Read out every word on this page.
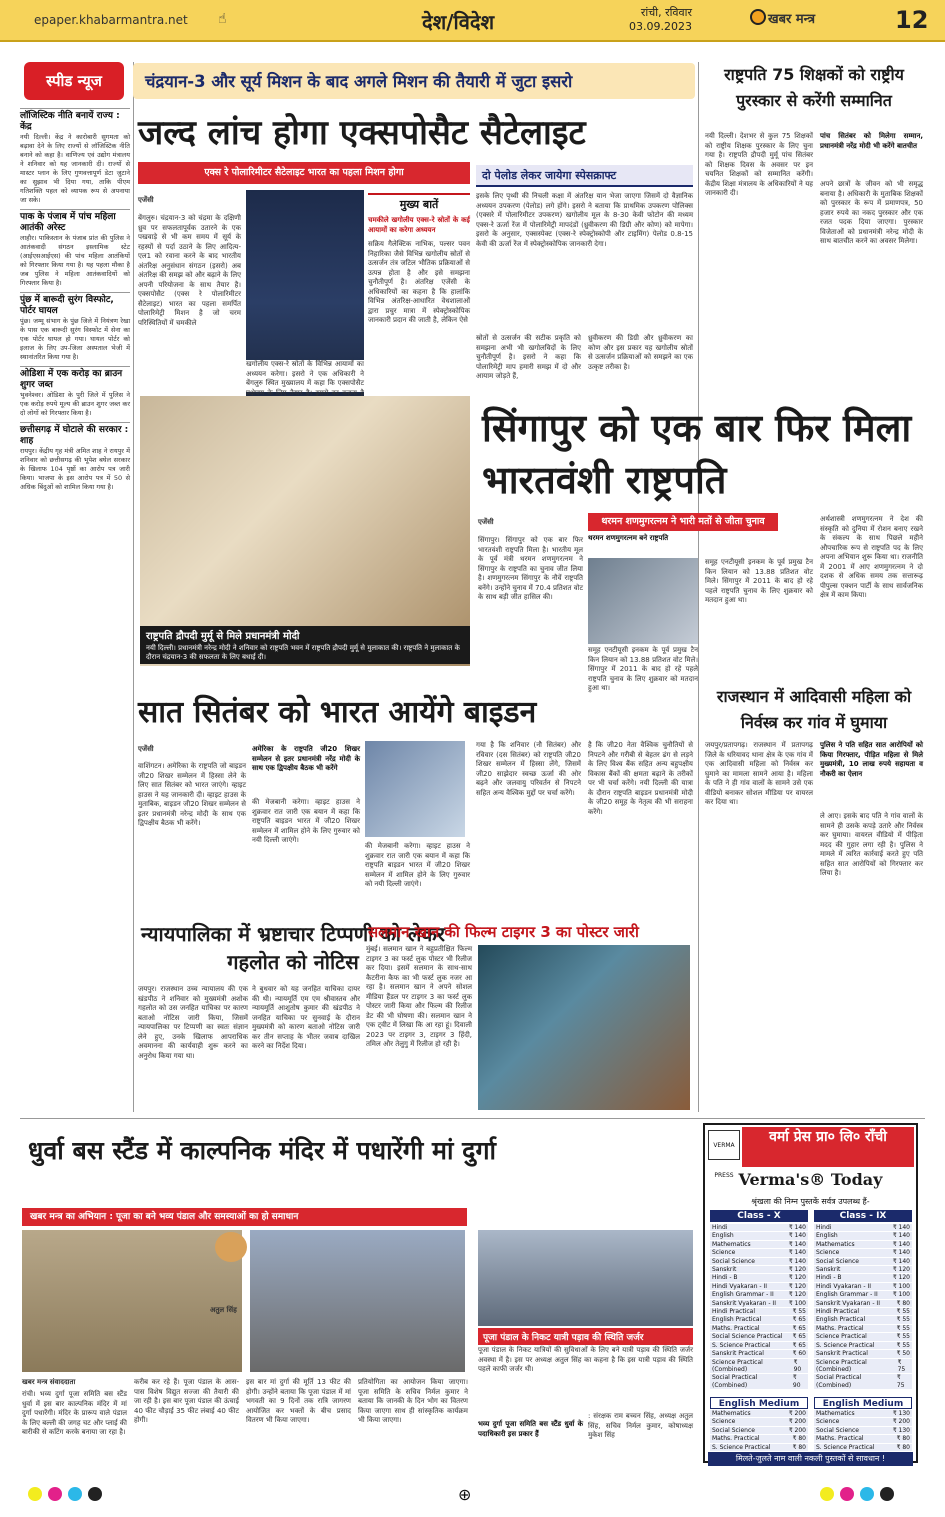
epaper.khabarmantra.net ☝	देश/विदेश	रांची, रविवार
03.09.2023	खबर मन्त्र	12
स्पीड न्यूज
लॉजिस्टिक नीति बनायें राज्य : केंद्र
नयी दिल्ली। केंद्र ने कारोबारी सुगमता को बढ़ावा देने के लिए राज्यों से लॉजिस्टिक नीति बनाने को कहा है। वाणिज्य एवं उद्योग मंत्रालय ने शनिवार को यह जानकारी दी। राज्यों से मास्टर प्लान के लिए गुणवत्तापूर्ण डेटा जुटाने का सुझाव भी दिया गया, ताकि पीएम गतिशक्ति पहल को व्यापक रूप से अपनाया जा सके।
पाक के पंजाब में पांच महिला आतंकी अरेस्ट
लाहौर। पाकिस्तान के पंजाब प्रांत की पुलिस ने आतंकवादी संगठन इस्लामिक स्टेट (आईएसआईएस) की पांच महिला आतंकियों को गिरफ्तार किया गया है। यह पहला मौका है जब पुलिस ने महिला आतंकवादियों को गिरफ्तार किया है।
पुंछ में बारूदी सुरंग विस्फोट, पोर्टर घायल
पुंछ। जम्मू संभाग के पुंछ जिले में नियंत्रण रेखा के पास एक बारूदी सुरंग विस्फोट में सेना का एक पोर्टर घायल हो गया। घायल पोर्टर को इलाज के लिए उप-जिला अस्पताल भेजी में स्थानांतरित किया गया है।
ओडिशा में एक करोड़ का ब्राउन शुगर जब्त
भुवनेश्वर। ओडिशा के पुरी जिले में पुलिस ने एक करोड़ रुपये मूल्य की ब्राउन शुगर जब्त कर दो लोगों को गिरफ्तार किया है।
छत्तीसगढ़ में घोटाले की सरकार : शाह
रायपुर। केंद्रीय गृह मंत्री अमित शाह ने रायपुर में शनिवार को छत्तीसगढ़ की भूपेश बघेल सरकार के खिलाफ 104 पृष्ठों का आरोप पत्र जारी किया। भाजपा के इस आरोप पत्र में 50 से अधिक बिंदुओं को शामिल किया गया है।
चंद्रयान-3 और सूर्य मिशन के बाद अगले मिशन की तैयारी में जुटा इसरो
जल्द लांच होगा एक्सपोसैट सैटेलाइट
एक्स रे पोलारिमीटर सैटेलाइट भारत का पहला मिशन होगा
एजेंसी
बेंगलुरु। चंद्रयान-3 को चंद्रमा के दक्षिणी ध्रुव पर सफलतापूर्वक उतारने के एक पखवाड़े से भी कम समय में सूर्य के रहस्यों से पर्दा उठाने के लिए आदित्य-एल1 को रवाना करने के बाद भारतीय अंतरिक्ष अनुसंधान संगठन (इसरो) अब अंतरिक्ष की समझ को और बढ़ाने के लिए अपनी परियोजना के साथ तैयार है। एक्सपोसैट (एक्स रे पोलारिमीटर सैटेलाइट) भारत का पहला समर्पित पोलारिमेट्री मिशन है जो चरम परिस्थितियों में चमकीले
खगोलीय एक्स-रे स्रोतों के विभिन्न आयामों का अध्ययन करेगा। इसरो ने एक अधिकारी ने बेंगलुरु स्थित मुख्यालय में कहा कि एक्सपोसैट प्रक्षेपण के लिए तैयार है। इसरो का कहना है
मुख्य बातें
चमकीले खगोलीय एक्स-रे स्रोतों के कई आयामों का करेगा अध्ययन
सक्रिय गैलेक्टिक नाभिक, पल्सर पवन निहारिका जैसे विभिन्न खगोलीय स्रोतों से उत्सर्जन तंत्र जटिल भौतिक प्रक्रियाओं से उत्पन्न होता है और इसे समझना चुनौतीपूर्ण है। अंतरिक्ष एजेंसी के अधिकारियों का कहना है कि हालांकि विभिन्न अंतरिक्ष-आधारित वेधशालाओं द्वारा प्रचुर मात्रा में स्पेक्ट्रोस्कोपिक जानकारी प्रदान की जाती है, लेकिन ऐसे
दो पेलोड लेकर जायेगा स्पेसक्राफ्ट
इसके लिए पृथ्वी की निचली कक्षा में अंतरिक्ष यान भेजा जाएगा जिसमें दो वैज्ञानिक अध्ययन उपकरण (पेलोड) लगे होंगे। इसरो ने बताया कि प्राथमिक उपकरण पोलिक्स (एक्सरे में पोलारिमीटर उपकरण) खगोलीय मूल के 8-30 केवी फोटोन की मध्यम एक्स-रे ऊर्जा रेंज में पोलारिमेट्री मापदंडों (ध्रुवीकरण की डिग्री और कोण) को मापेगा। इसरो के अनुसार, एक्सस्पेक्ट (एक्स-रे स्पेक्ट्रोस्कोपी और टाइमिंग) पेलोड 0.8-15 केवी की ऊर्जा रेंज में स्पेक्ट्रोस्कोपिक जानकारी देगा।
स्रोतों से उत्सर्जन की सटीक प्रकृति को समझना अभी भी खगोलविदों के लिए चुनौतीपूर्ण है। इसरो ने कहा कि पोलारिमेट्री माप हमारी समझ में दो और आयाम जोड़ते हैं,
ध्रुवीकरण की डिग्री और ध्रुवीकरण का कोण और इस प्रकार यह खगोलीय स्रोतों से उत्सर्जन प्रक्रियाओं को समझने का एक उत्कृष्ट तरीका है।
राष्ट्रपति 75 शिक्षकों को राष्ट्रीय पुरस्कार से करेंगी सम्मानित
पांच सितंबर को मिलेगा सम्मान, प्रधानमंत्री नरेंद्र मोदी भी करेंगे बातचीत
नयी दिल्ली। देशभर से कुल 75 शिक्षकों को राष्ट्रीय शिक्षक पुरस्कार के लिए चुना गया है। राष्ट्रपति द्रौपदी मुर्मू पांच सितंबर को शिक्षक दिवस के अवसर पर इन चयनित शिक्षकों को सम्मानित करेंगी। केंद्रीय शिक्षा मंत्रालय के अधिकारियों ने यह जानकारी दी।
अपने छात्रों के जीवन को भी समृद्ध बनाया है। अधिकारी के मुताबिक शिक्षकों को पुरस्कार के रूप में प्रमाणपत्र, 50 हजार रुपये का नकद पुरस्कार और एक रजत पदक दिया जाएगा। पुरस्कार विजेताओं को प्रधानमंत्री नरेन्द्र मोदी के साथ बातचीत करने का अवसर मिलेगा।
राष्ट्रपति द्रौपदी मुर्मू से मिले प्रधानमंत्री मोदी
नयी दिल्ली। प्रधानमंत्री नरेन्द्र मोदी ने शनिवार को राष्ट्रपति भवन में राष्ट्रपति द्रौपदी मुर्मू से मुलाकात की। राष्ट्रपति ने मुलाकात के दौरान चंद्रयान-3 की सफलता के लिए बधाई दी।
सिंगापुर को एक बार फिर मिला भारतवंशी राष्ट्रपति
एजेंसी	थरमन शणमुगरत्नम ने भारी मतों से जीता चुनाव
सिंगापुर। सिंगापुर को एक बार फिर भारतवंशी राष्ट्रपति मिला है। भारतीय मूल के पूर्व मंत्री थरमन शणमुगरत्नम ने सिंगापुर के राष्ट्रपति का चुनाव जीत लिया है। शणमुगरत्नम सिंगापुर के नौवें राष्ट्रपति बनेंगे। उन्होंने चुनाव में 70.4 प्रतिशत वोट के साथ बड़ी जीत हासिल की।
थरमन शणमुगरत्नम बने राष्ट्रपति
समूह एनटीयूसी इनकम के पूर्व प्रमुख टैन किन लियान को 13.88 प्रतिशत वोट मिले। सिंगापुर में 2011 के बाद हो रहे पहले राष्ट्रपति चुनाव के लिए शुक्रवार को मतदान हुआ था।
समूह एनटीयूसी इनकम के पूर्व प्रमुख टैन किन लियान को 13.88 प्रतिशत वोट मिले। सिंगापुर में 2011 के बाद हो रहे पहले राष्ट्रपति चुनाव के लिए शुक्रवार को मतदान हुआ था।
अर्थशास्त्री शणमुगरत्नम ने देश की संस्कृति को दुनिया में रोशन बनाए रखने के संकल्प के साथ पिछले महीने औपचारिक रूप से राष्ट्रपति पद के लिए अपना अभियान शुरू किया था। राजनीति में 2001 में आए शणमुगरत्नम ने दो दशक से अधिक समय तक सत्तारूढ़ पीपुल्स एक्शन पार्टी के साथ सार्वजनिक क्षेत्र में काम किया।
सात सितंबर को भारत आयेंगे बाइडन
एजेंसी
वाशिंगटन। अमेरिका के राष्ट्रपति जो बाइडन जी20 शिखर सम्मेलन में हिस्सा लेने के लिए सात सितंबर को भारत जाएंगे। व्हाइट हाउस ने यह जानकारी दी। व्हाइट हाउस के मुताबिक, बाइडन जी20 शिखर सम्मेलन से इतर प्रधानमंत्री नरेन्द्र मोदी के साथ एक द्विपक्षीय बैठक भी करेंगे।
अमेरिका के राष्ट्रपति जी20 शिखर सम्मेलन से इतर प्रधानमंत्री नरेंद्र मोदी के साथ एक द्विपक्षीय बैठक भी करेंगे
की मेजबानी करेगा। व्हाइट हाउस ने शुक्रवार रात जारी एक बयान में कहा कि राष्ट्रपति बाइडन भारत में जी20 शिखर सम्मेलन में शामिल होने के लिए गुरुवार को नयी दिल्ली जाएंगे।
की मेजबानी करेगा। व्हाइट हाउस ने शुक्रवार रात जारी एक बयान में कहा कि राष्ट्रपति बाइडन भारत में जी20 शिखर सम्मेलन में शामिल होने के लिए गुरुवार को नयी दिल्ली जाएंगे।
गया है कि शनिवार (नौ सितंबर) और रविवार (दस सितंबर) को राष्ट्रपति जी20 शिखर सम्मेलन में हिस्सा लेंगे, जिसमें जी20 साझेदार स्वच्छ ऊर्जा की ओर बढ़ने और जलवायु परिवर्तन से निपटने सहित अन्य वैश्विक मुद्दों पर चर्चा करेंगे।
है कि जी20 नेता वैश्विक चुनौतियों से निपटने और गरीबी से बेहतर ढंग से लड़ने के लिए विश्व बैंक सहित अन्य बहुपक्षीय विकास बैंकों की क्षमता बढ़ाने के तरीकों पर भी चर्चा करेंगे। नयी दिल्ली की यात्रा के दौरान राष्ट्रपति बाइडन प्रधानमंत्री मोदी के जी20 समूह के नेतृत्व की भी सराहना करेंगे।
राजस्थान में आदिवासी महिला को निर्वस्त्र कर गांव में घुमाया
पुलिस ने पति सहित सात आरोपियों को किया गिरफ्तार, पीड़ित महिला से मिले मुख्यमंत्री, 10 लाख रुपये सहायता व नौकरी का ऐलान
जयपुर/प्रतापगढ़। राजस्थान में प्रतापगढ़ जिले के धरियावद थाना क्षेत्र के एक गांव में एक आदिवासी महिला को निर्वस्त्र कर घुमाने का मामला सामने आया है। महिला के पति ने ही गांव वालों के सामने उसे एक वीडियो बनाकर सोशल मीडिया पर वायरल कर दिया था।
ले आए। इसके बाद पति ने गांव वालों के सामने ही उसके कपड़े उतारे और निर्वस्त्र कर घुमाया। वायरल वीडियो में पीड़िता मदद की गुहार लगा रही है। पुलिस ने मामले में त्वरित कार्रवाई करते हुए पति सहित सात आरोपियों को गिरफ्तार कर लिया है।
न्यायपालिका में भ्रष्टाचार टिप्पणी को लेकर गहलोत को नोटिस
जयपुर। राजस्थान उच्च न्यायालय की एक खंडपीठ ने शनिवार को मुख्यमंत्री अशोक गहलोत को उस जनहित याचिका पर कारण बताओ नोटिस जारी किया, जिसमें न्यायपालिका पर टिप्पणी का स्वतः संज्ञान लेने हुए, उनके खिलाफ आपराधिक अवमानना की कार्यवाही शुरू करने का अनुरोध किया गया था।
ने बुधवार को यह जनहित याचिका दायर की थी। न्यायमूर्ति एम एम श्रीवास्तव और न्यायमूर्ति आशुतोष कुमार की खंडपीठ ने जनहित याचिका पर सुनवाई के दौरान मुख्यमंत्री को कारण बताओ नोटिस जारी कर तीन सप्ताह के भीतर जवाब दाखिल करने का निर्देश दिया।
सलमान खान की फिल्म टाइगर 3 का पोस्टर जारी
मुंबई। सलमान खान ने बहुप्रतीक्षित फिल्म टाइगर 3 का फर्स्ट लुक पोस्टर भी रिलीज कर दिया। इसमें सलमान के साथ-साथ कैटरीना कैफ का भी फर्स्ट लुक नजर आ रहा है। सलमान खान ने अपने सोशल मीडिया हैंडल पर टाइगर 3 का फर्स्ट लुक पोस्टर जारी किया और फिल्म की रिलीज डेट की भी घोषणा की। सलमान खान ने एक ट्वीट में लिखा कि आ रहा हूं। दिवाली 2023 पर टाइगर 3, टाइगर 3 हिंदी, तमिल और तेलुगु में रिलीज हो रही है।
धुर्वा बस स्टैंड में काल्पनिक मंदिर में पधारेंगी मां दुर्गा
खबर मन्त्र का अभियान : पूजा का बने भव्य पंडाल और समस्याओं का हो समाधान
अतुल सिंह
खबर मन्त्र संवाददाता
रांची। भव्य दुर्गा पूजा समिति बस स्टैंड धुर्वा में इस बार काल्पनिक मंदिर में मां दुर्गा पधारेंगी। मंदिर के प्रारूप वाले पंडाल के लिए बल्ली की जगह चट और प्लाई की बारीकी से कटिंग करके बनाया जा रहा है।
करीब कर रहे हैं। पूजा पंडाल के आस-पास विशेष विद्युत सज्जा की तैयारी की जा रही है। इस बार पूजा पंडाल की ऊंचाई 40 फीट चौड़ाई 35 फीट लंबाई 40 फीट होगी।
इस बार मां दुर्गा की मूर्ति 13 फीट की होगी। उन्होंने बताया कि पूजा पंडाल में मां भगवती का 9 दिनों तक रात्रि जागरण आयोजित कर भक्तों के बीच प्रसाद वितरण भी किया जाएगा।
प्रतियोगिता का आयोजन किया जाएगा। पूजा समिति के सचिव निर्मल कुमार ने बताया कि जानकी के दिन भोग का वितरण किया जाएगा साथ ही सांस्कृतिक कार्यक्रम भी किया जाएगा।
पूजा पंडाल के निकट यात्री पड़ाव की स्थिति जर्जर
पूजा पंडाल के निकट यात्रियों की सुविधाओं के लिए बने यात्री पड़ाव की स्थिति जर्जर अवस्था में है। इस पर अध्यक्ष अतुल सिंह का कहना है कि इस यात्री पड़ाव की स्थिति पहले काफी जर्जर थी।
भव्य दुर्गा पूजा समिति बस स्टैंड धुर्वा के पदाधिकारी इस प्रकार हैं
: संरक्षक राम बच्चन सिंह, अध्यक्ष अतुल सिंह, सचिव निर्मल कुमार, कोषाध्यक्ष मुकेश सिंह
VERMA PRESS
वर्मा प्रेस प्रा० लि० राँची
Verma's® Today
श्रृंखला की निम्न पुस्तकें सर्वत्र उपलब्ध हैं-
Class - X	Class - IX
Hindi	₹ 140
English	₹ 140
Mathematics	₹ 140
Science	₹ 140
Social Science	₹ 140
Sanskrit	₹ 120
Hindi - B	₹ 120
Hindi Vyakaran - II	₹ 120
English Grammar - II	₹ 120
Sanskrit Vyakaran - II ₹ 100
Hindi Practical	₹ 55
English Practical	₹ 65
Maths. Practical	₹ 65
Social Science Practical ₹ 65
S. Science Practical	₹ 65
Sanskrit Practical	₹ 60
Science Practical (Combined)
₹ 90
Social Practical (Combined)
₹ 90
Hindi	₹ 140
English	₹ 140
Mathematics	₹ 140
Science	₹ 140
Social Science	₹ 140
Sanskrit	₹ 120
Hindi - B	₹ 120
Hindi Vyakaran - II	₹ 100
English Grammar - II	₹ 100
Sanskrit Vyakaran - II	₹ 80
Hindi Practical	₹ 55
English Practical	₹ 55
Maths. Practical	₹ 55
Science Practical	₹ 55
S. Science Practical	₹ 55
Sanskrit Practical	₹ 50
Science Practical (Combined)
₹ 75
Social Practical (Combined)
₹ 75
English Medium	English Medium
Mathematics	₹ 200
Science	₹ 200
Social Science	₹ 200
Maths. Practical	₹ 80
S. Science Practical	₹ 80
Mathematics	₹ 130
Science	₹ 200
Social Science	₹ 130
Maths. Practical	₹ 80
S. Science Practical	₹ 80
मिलते-जुलते नाम वाली नकली पुस्तकों से सावधान !
⊕
